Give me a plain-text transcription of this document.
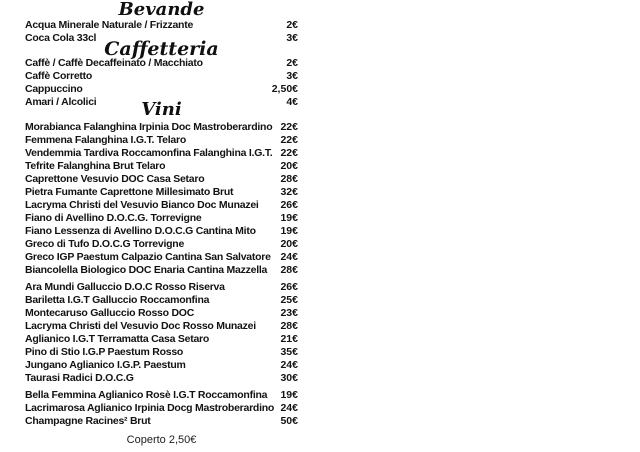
Bevande
Acqua Minerale Naturale / Frizzante	2€
Coca Cola 33cl	3€
Caffetteria
Caffè / Caffè Decaffeinato / Macchiato	2€
Caffè Corretto	3€
Cappuccino	2,50€
Amari / Alcolici	4€
Vini
Morabianca Falanghina Irpinia Doc Mastroberardino 22€
Femmena Falanghina I.G.T. Telaro	22€
Vendemmia Tardiva Roccamonfina Falanghina I.G.T. 22€
Tefrite Falanghina Brut Telaro	20€
Caprettone Vesuvio DOC Casa Setaro	28€
Pietra Fumante Caprettone Millesimato Brut	32€
Lacryma Christi del Vesuvio Bianco Doc Munazei 26€
Fiano di Avellino D.O.C.G. Torrevigne	19€
Fiano Lessenza di Avellino D.O.C.G Cantina Mito 19€
Greco di Tufo D.O.C.G Torrevigne	20€
Greco IGP Paestum Calpazio Cantina San Salvatore 24€
Biancolella Biologico DOC Enaria Cantina Mazzella 28€
Ara Mundi Galluccio D.O.C Rosso Riserva	26€
Bariletta I.G.T Galluccio Roccamonfina	25€
Montecaruso Galluccio Rosso DOC	23€
Lacryma Christi del Vesuvio Doc Rosso Munazei 28€
Aglianico I.G.T Terramatta Casa Setaro	21€
Pino di Stio I.G.P Paestum Rosso	35€
Jungano Aglianico I.G.P. Paestum	24€
Taurasi Radici D.O.C.G	30€
Bella Femmina Aglianico Rosè I.G.T Roccamonfina 19€
Lacrimarosa Aglianico Irpinia Docg Mastroberardino 24€
Champagne Racines² Brut	50€
Coperto 2,50€
